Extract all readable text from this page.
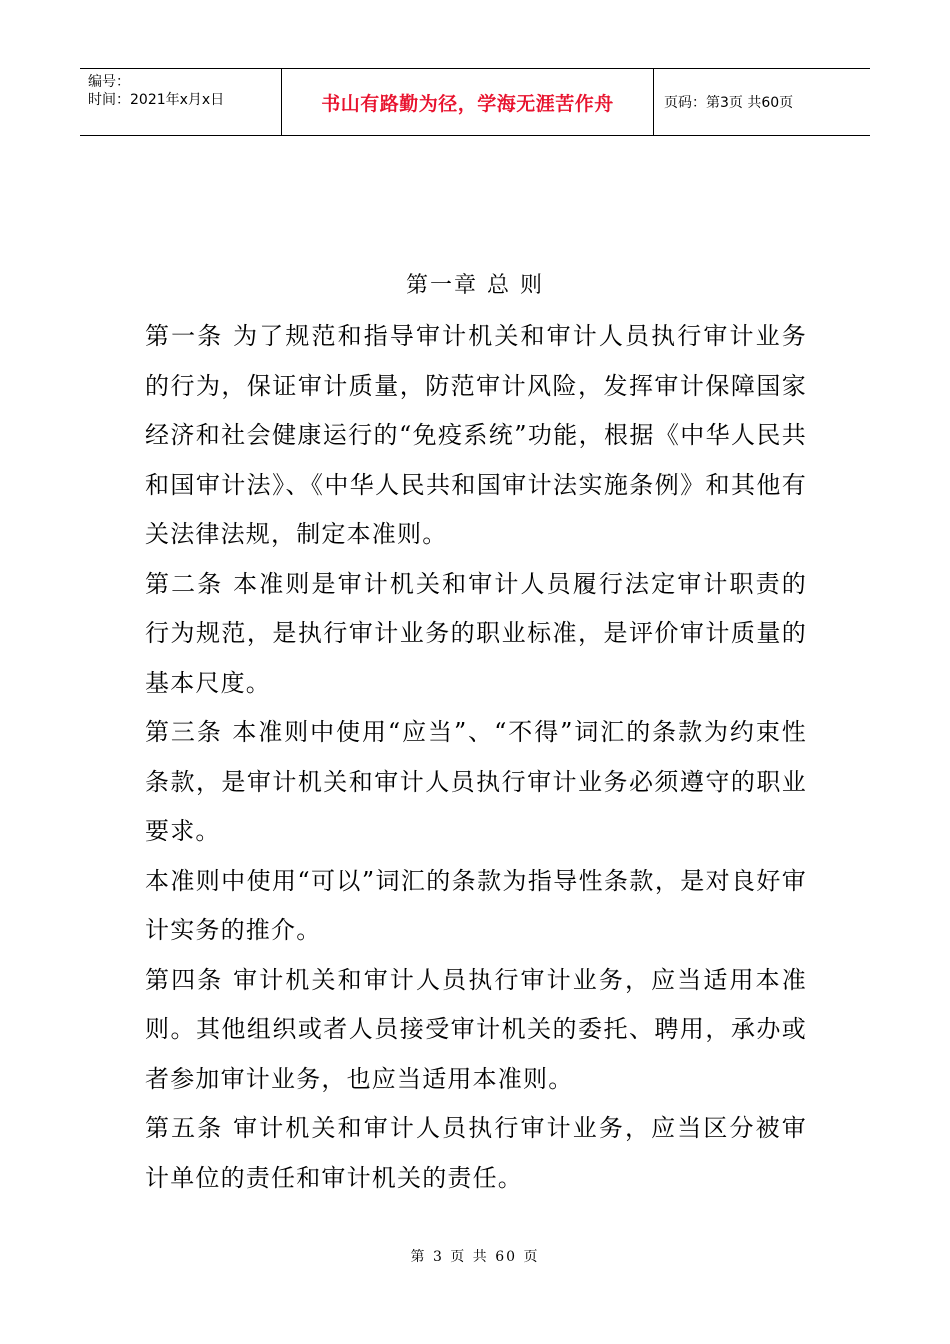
编号：
时间：2021年x月x日	书山有路勤为径，学海无涯苦作舟	页码：第3页 共60页
第一章 总 则

第一条 为了规范和指导审计机关和审计人员执行审计业务的行为，保证审计质量，防范审计风险，发挥审计保障国家经济和社会健康运行的“免疫系统”功能，根据《中华人民共和国审计法》、《中华人民共和国审计法实施条例》和其他有关法律法规，制定本准则。

第二条 本准则是审计机关和审计人员履行法定审计职责的行为规范，是执行审计业务的职业标准，是评价审计质量的基本尺度。

第三条 本准则中使用“应当”、“不得”词汇的条款为约束性条款，是审计机关和审计人员执行审计业务必须遵守的职业要求。

本准则中使用“可以”词汇的条款为指导性条款，是对良好审计实务的推介。

第四条 审计机关和审计人员执行审计业务，应当适用本准则。其他组织或者人员接受审计机关的委托、聘用，承办或者参加审计业务，也应当适用本准则。

第五条 审计机关和审计人员执行审计业务，应当区分被审计单位的责任和审计机关的责任。

第 3 页 共 60 页
